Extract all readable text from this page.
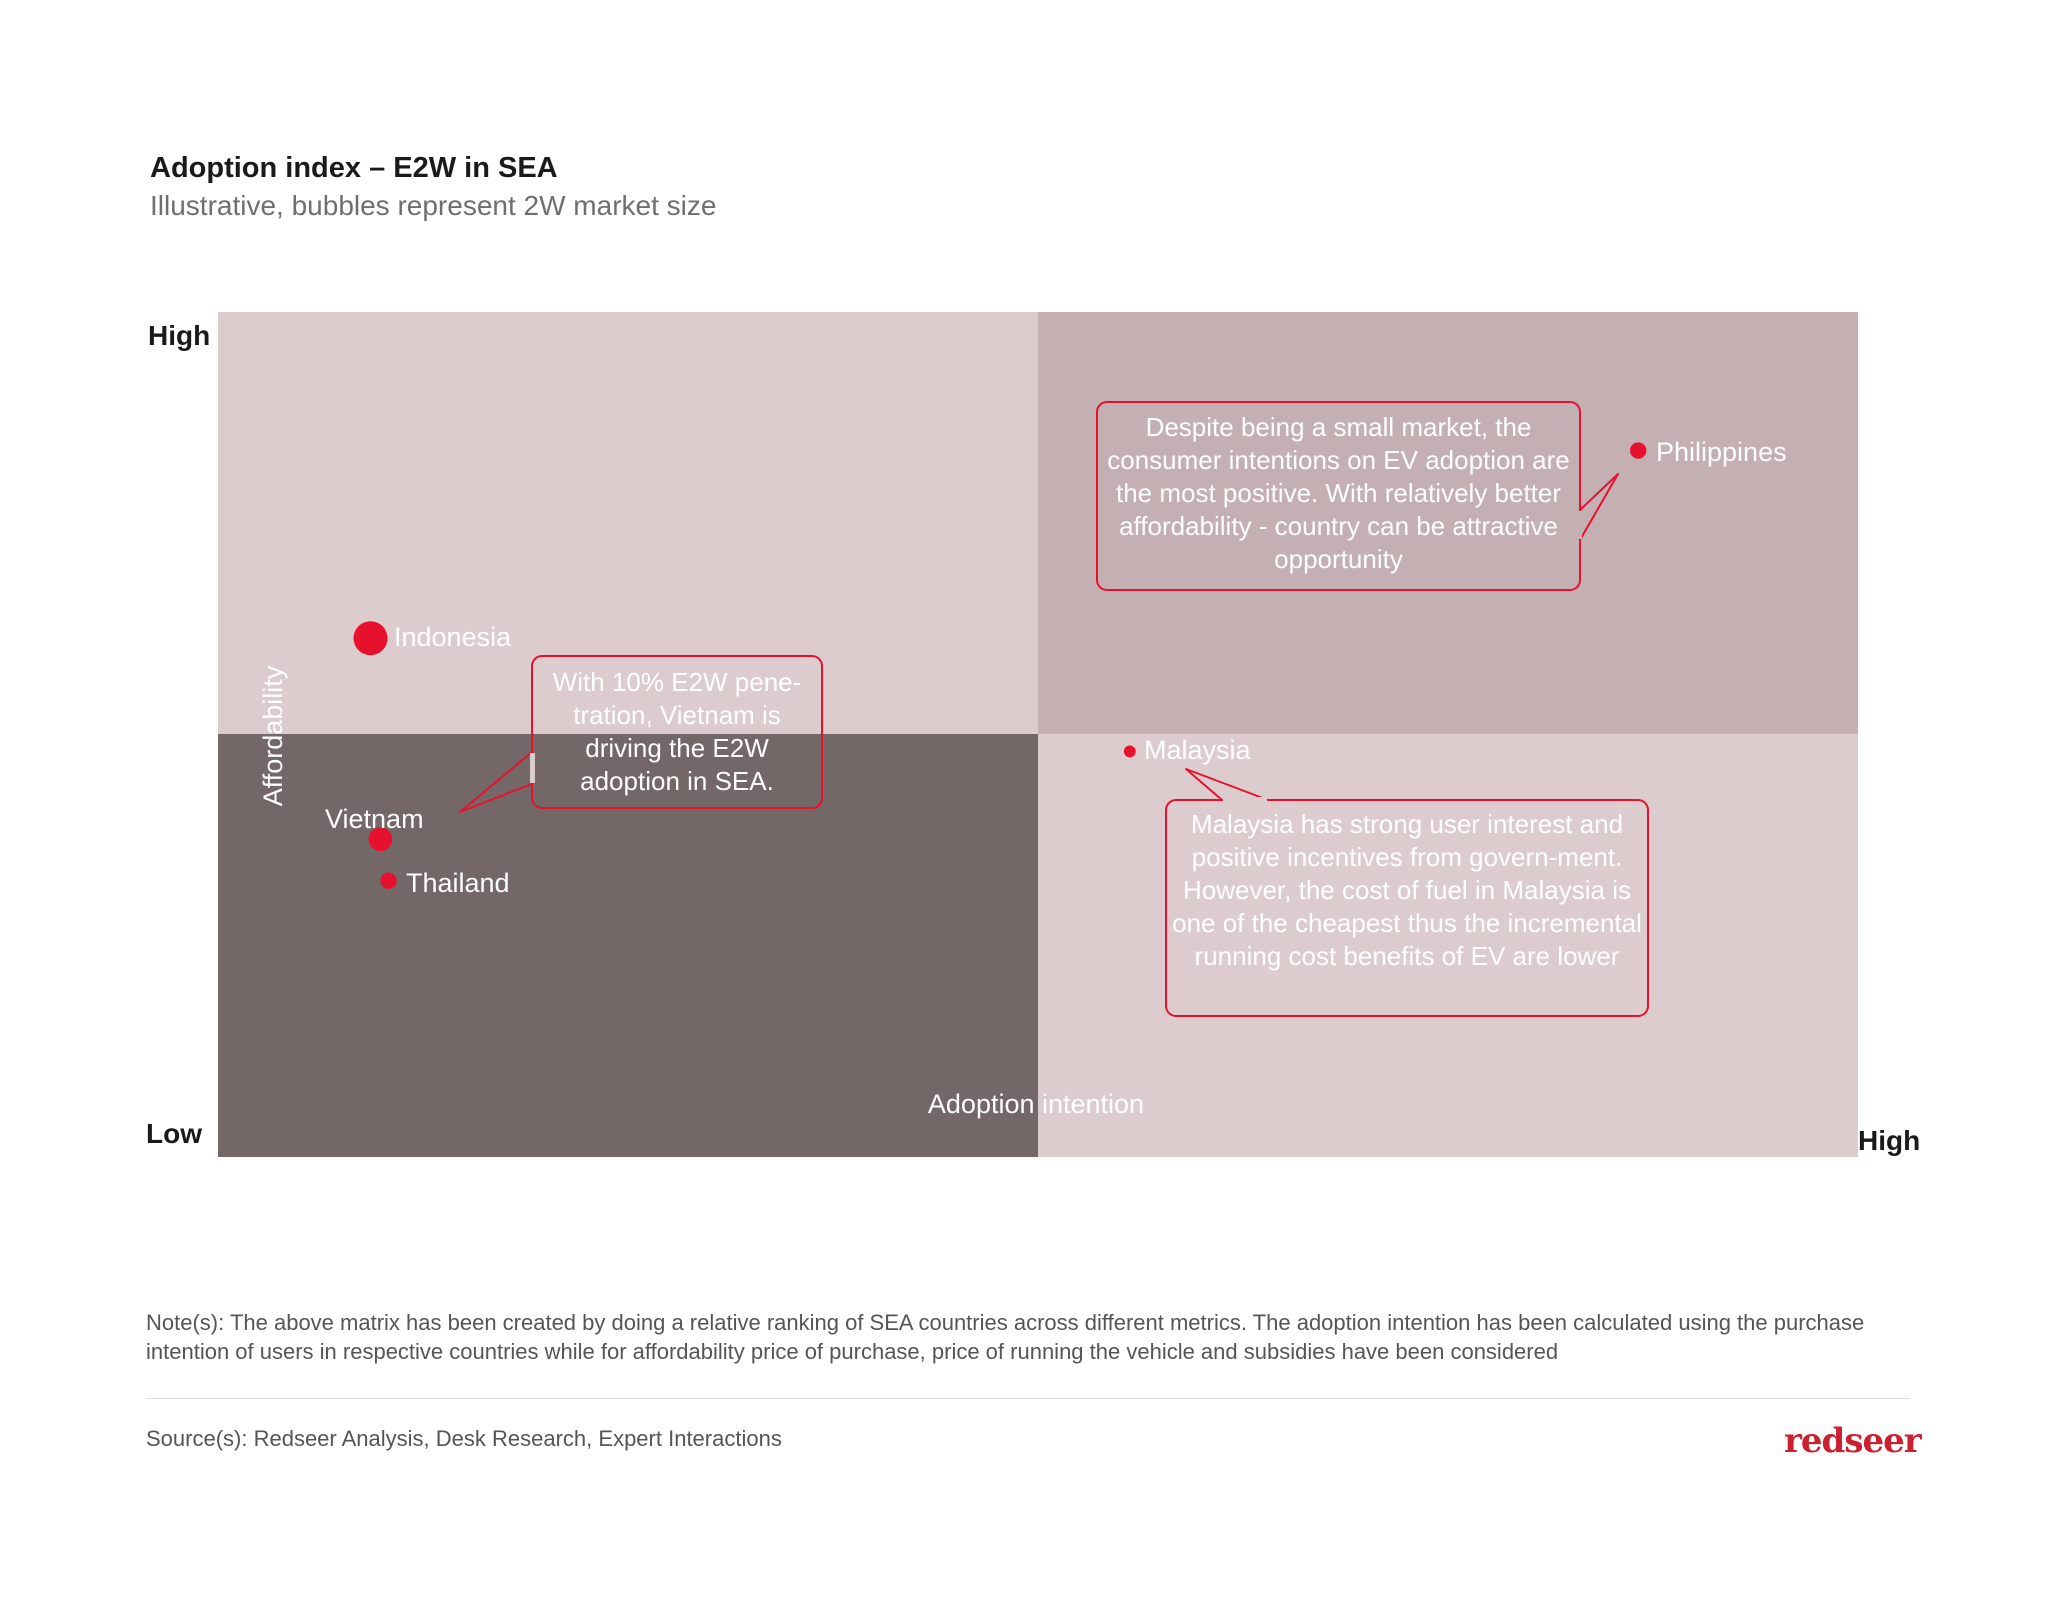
Adoption index – E2W in SEA

Illustrative, bubbles represent 2W market size

Indonesia
Vietnam
Thailand
Malaysia
Philippines
Adoption intention
Affordability
High
Low	High
With 10% E2W pene-tration, Vietnam is driving the E2W adoption in SEA.
Despite being a small market, the consumer intentions on EV adoption are the most positive. With relatively better affordability - country can be attractive opportunity
Malaysia has strong user interest and positive incentives from govern-ment. However, the cost of fuel in Malaysia is one of the cheapest thus the incremental running cost benefits of EV are lower
Note(s): The above matrix has been created by doing a relative ranking of SEA countries across different metrics. The adoption intention has been calculated using the purchase intention of users in respective countries while for affordability price of purchase, price of running the vehicle and subsidies have been considered
Source(s): Redseer Analysis, Desk Research, Expert Interactions	redseer
